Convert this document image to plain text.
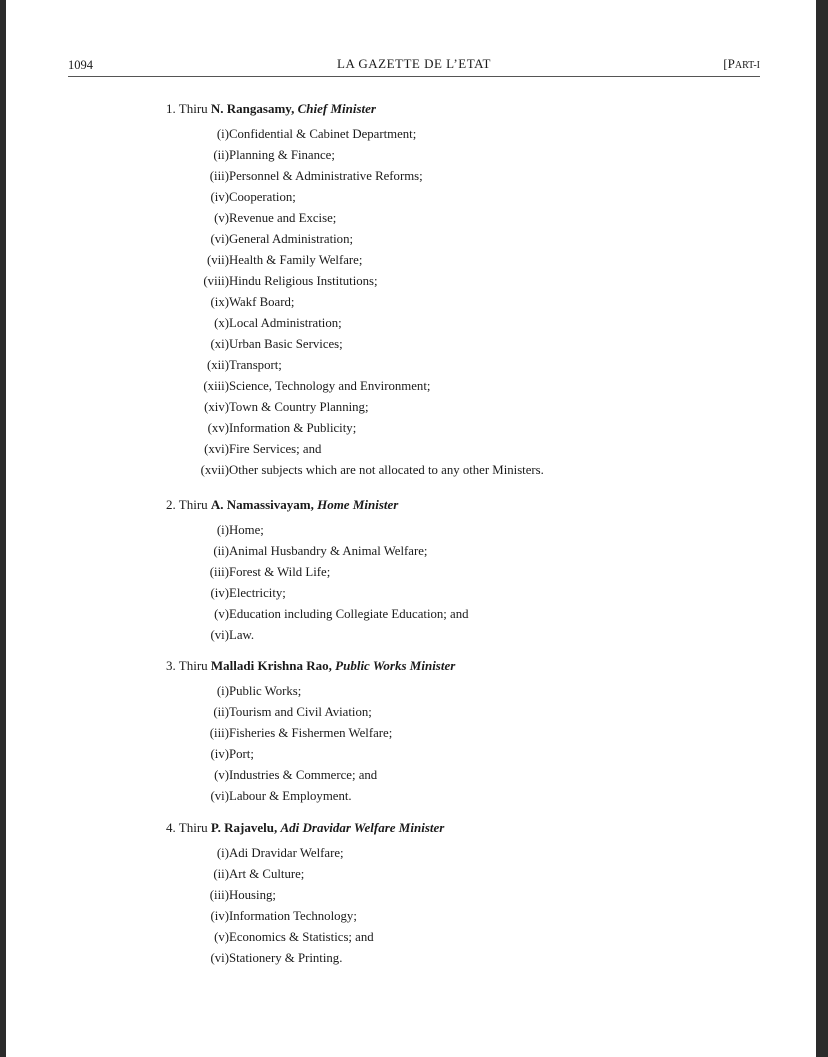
1094	LA GAZETTE DE L’ETAT	[PART-I
1. Thiru N. Rangasamy, Chief Minister
(i) Confidential & Cabinet Department;
(ii) Planning & Finance;
(iii) Personnel & Administrative Reforms;
(iv) Cooperation;
(v) Revenue and Excise;
(vi) General Administration;
(vii) Health & Family Welfare;
(viii) Hindu Religious Institutions;
(ix) Wakf Board;
(x) Local Administration;
(xi) Urban Basic Services;
(xii) Transport;
(xiii) Science, Technology and Environment;
(xiv) Town & Country Planning;
(xv) Information & Publicity;
(xvi) Fire Services; and
(xvii) Other subjects which are not allocated to any other Ministers.
2. Thiru A. Namassivayam, Home Minister
(i) Home;
(ii) Animal Husbandry & Animal Welfare;
(iii) Forest & Wild Life;
(iv) Electricity;
(v) Education including Collegiate Education; and
(vi) Law.
3. Thiru Malladi Krishna Rao, Public Works Minister
(i) Public Works;
(ii) Tourism and Civil Aviation;
(iii) Fisheries & Fishermen Welfare;
(iv) Port;
(v) Industries & Commerce; and
(vi) Labour & Employment.
4. Thiru P. Rajavelu, Adi Dravidar Welfare Minister
(i) Adi Dravidar Welfare;
(ii) Art & Culture;
(iii) Housing;
(iv) Information Technology;
(v) Economics & Statistics; and
(vi) Stationery & Printing.
